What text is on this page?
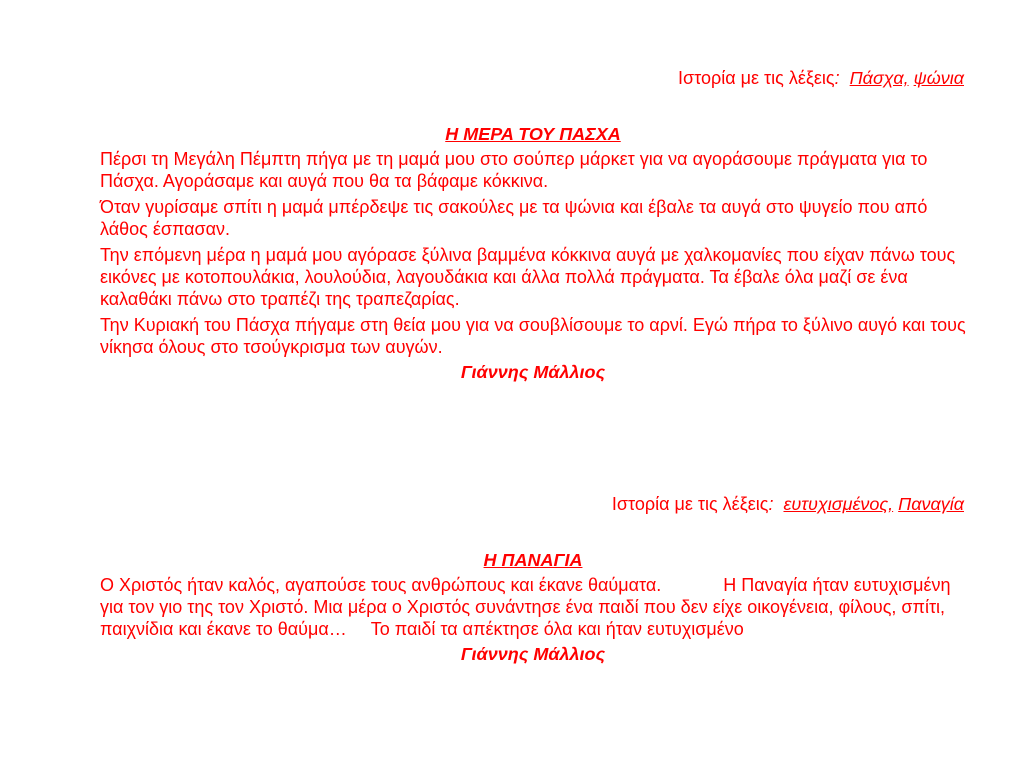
Ιστορία με τις λέξεις: Πάσχα, ψώνια

Η ΜΕΡΑ ΤΟΥ ΠΑΣΧΑ

Πέρσι τη Μεγάλη Πέμπτη πήγα με τη μαμά μου στο σούπερ μάρκετ για να αγοράσουμε πράγματα για το Πάσχα. Αγοράσαμε και αυγά που θα τα βάφαμε κόκκινα.

Όταν γυρίσαμε σπίτι η μαμά μπέρδεψε τις σακούλες με τα ψώνια και έβαλε τα αυγά στο ψυγείο που από λάθος έσπασαν.

Την επόμενη μέρα η μαμά μου αγόρασε ξύλινα βαμμένα κόκκινα αυγά με χαλκομανίες που είχαν πάνω τους εικόνες με κοτοπουλάκια, λουλούδια, λαγουδάκια και άλλα πολλά πράγματα. Τα έβαλε όλα μαζί σε ένα καλαθάκι πάνω στο τραπέζι της τραπεζαρίας.

Την Κυριακή του Πάσχα πήγαμε στη θεία μου για να σουβλίσουμε το αρνί. Εγώ πήρα το ξύλινο αυγό και τους νίκησα όλους στο τσούγκρισμα των αυγών.

Γιάννης Μάλλιος

Ιστορία με τις λέξεις: ευτυχισμένος, Παναγία

Η ΠΑΝΑΓΙΑ

Ο Χριστός ήταν καλός, αγαπούσε τους ανθρώπους και έκανε θαύματα.	Η Παναγία ήταν ευτυχισμένη για τον γιο της τον Χριστό. Μια μέρα ο Χριστός συνάντησε ένα παιδί που δεν είχε οικογένεια, φίλους, σπίτι, παιχνίδια και έκανε το θαύμα… Το παιδί τα απέκτησε όλα και ήταν ευτυχισμένο

Γιάννης Μάλλιος
